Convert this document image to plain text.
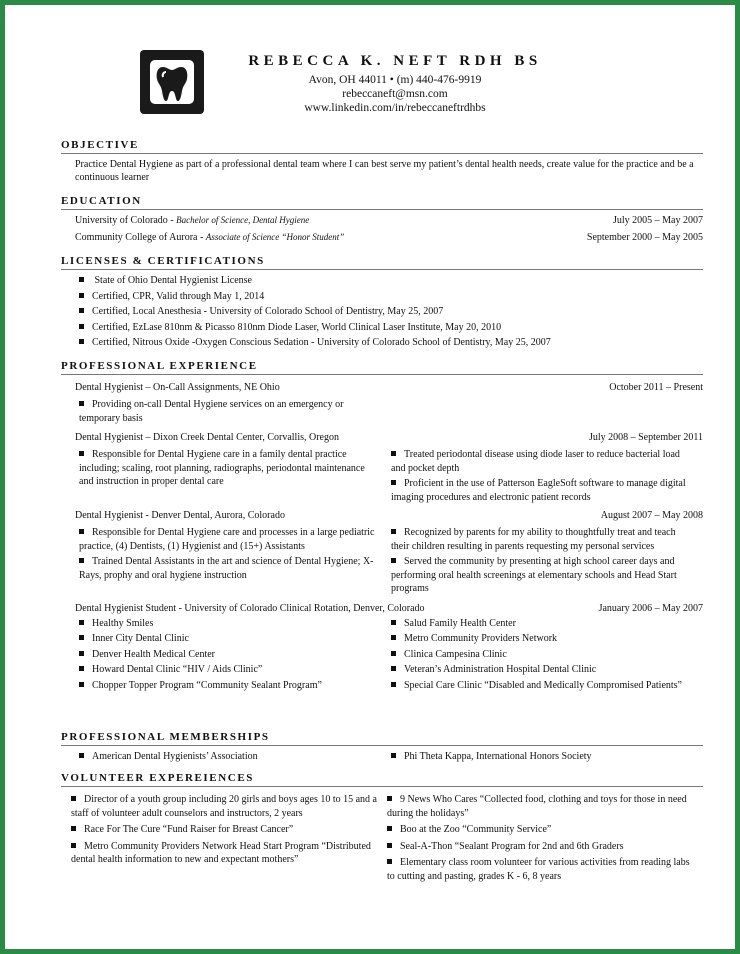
REBECCA K. NEFT RDH BS
Avon, OH 44011 • (m) 440-476-9919
rebeccaneft@msn.com
www.linkedin.com/in/rebeccaneftrdhbs
OBJECTIVE
Practice Dental Hygiene as part of a professional dental team where I can best serve my patient’s dental health needs, create value for the practice and be a continuous learner
EDUCATION
University of Colorado - Bachelor of Science, Dental Hygiene	July 2005 – May 2007
Community College of Aurora - Associate of Science “Honor Student”	September 2000 – May 2005
LICENSES & CERTIFICATIONS
State of Ohio Dental Hygienist License
Certified, CPR, Valid through May 1, 2014
Certified, Local Anesthesia - University of Colorado School of Dentistry, May 25, 2007
Certified, EzLase 810nm & Picasso 810nm Diode Laser, World Clinical Laser Institute, May 20, 2010
Certified, Nitrous Oxide -Oxygen Conscious Sedation - University of Colorado School of Dentistry, May 25, 2007
PROFESSIONAL EXPERIENCE
Dental Hygienist – On-Call Assignments, NE Ohio	October 2011 – Present
Providing on-call Dental Hygiene services on an emergency or temporary basis
Dental Hygienist – Dixon Creek Dental Center, Corvallis, Oregon	July 2008 – September 2011
Responsible for Dental Hygiene care in a family dental practice including; scaling, root planning, radiographs, periodontal maintenance and instruction in proper dental care
Treated periodontal disease using diode laser to reduce bacterial load and pocket depth
Proficient in the use of Patterson EagleSoft software to manage digital imaging procedures and electronic patient records
Dental Hygienist - Denver Dental, Aurora, Colorado	August 2007 – May 2008
Responsible for Dental Hygiene care and processes in a large pediatric practice, (4) Dentists, (1) Hygienist and (15+) Assistants
Trained Dental Assistants in the art and science of Dental Hygiene; X-Rays, prophy and oral hygiene instruction
Recognized by parents for my ability to thoughtfully treat and teach their children resulting in parents requesting my personal services
Served the community by presenting at high school career days and performing oral health screenings at elementary schools and Head Start programs
Dental Hygienist Student - University of Colorado Clinical Rotation, Denver, Colorado	January 2006 – May 2007
Healthy Smiles
Inner City Dental Clinic
Denver Health Medical Center
Howard Dental Clinic “HIV / Aids Clinic”
Chopper Topper Program “Community Sealant Program”
Salud Family Health Center
Metro Community Providers Network
Clinica Campesina Clinic
Veteran’s Administration Hospital Dental Clinic
Special Care Clinic “Disabled and Medically Compromised Patients”
PROFESSIONAL MEMBERSHIPS
American Dental Hygienists’ Association	Phi Theta Kappa, International Honors Society
VOLUNTEER EXPEREIENCES
Director of a youth group including 20 girls and boys ages 10 to 15 and a staff of volunteer adult counselors and instructors, 2 years
Race For The Cure “Fund Raiser for Breast Cancer”
Metro Community Providers Network Head Start Program “Distributed dental health information to new and expectant mothers”
9 News Who Cares “Collected food, clothing and toys for those in need during the holidays”
Boo at the Zoo “Community Service”
Seal-A-Thon “Sealant Program for 2nd and 6th Graders
Elementary class room volunteer for various activities from reading labs to cutting and pasting, grades K - 6, 8 years
